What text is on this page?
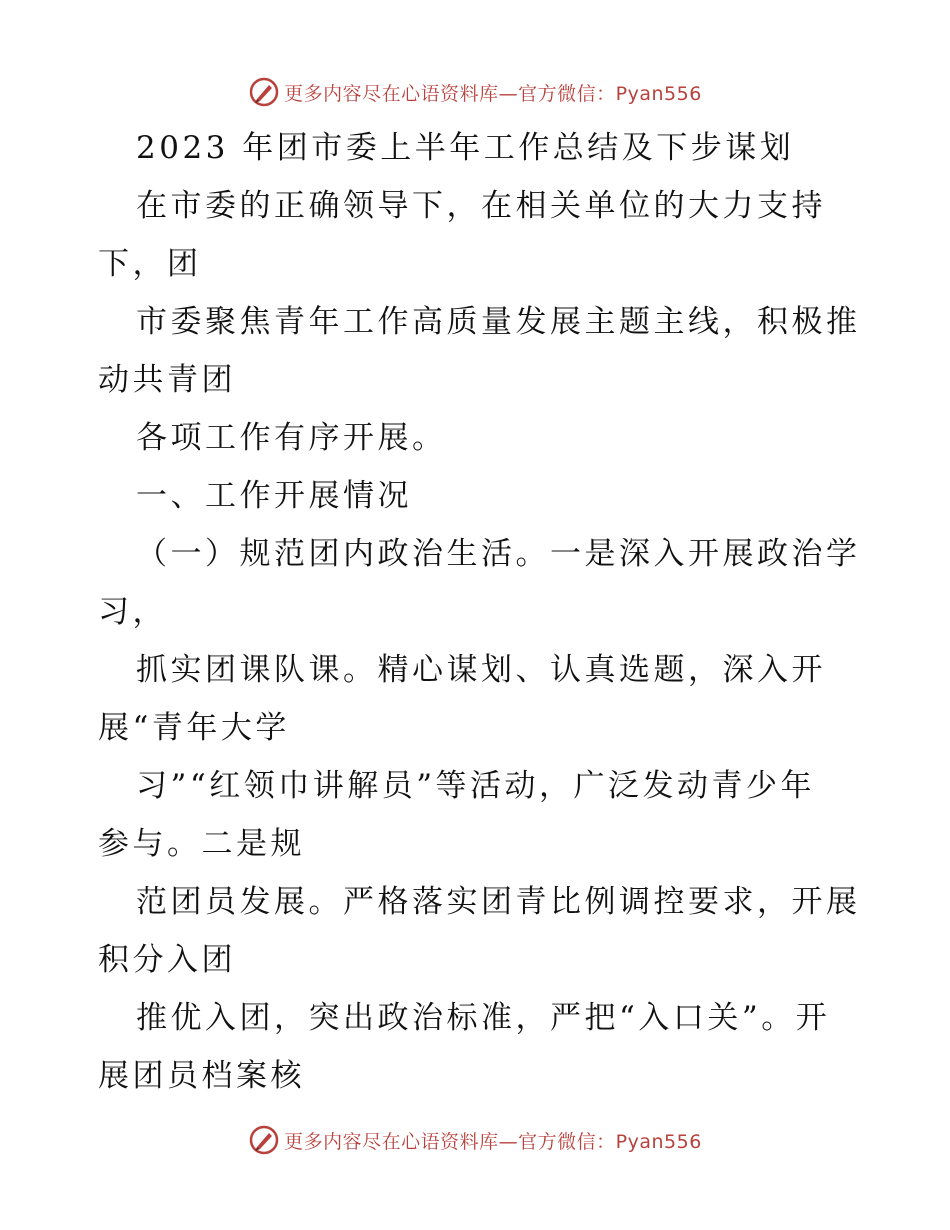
更多内容尽在心语资料库—官方微信：Pyan556
2023 年团市委上半年工作总结及下步谋划
在市委的正确领导下，在相关单位的大力支持
下，团
市委聚焦青年工作高质量发展主题主线，积极推
动共青团
各项工作有序开展。
一、工作开展情况
（一）规范团内政治生活。一是深入开展政治学
习，
抓实团课队课。精心谋划、认真选题，深入开
展“青年大学
习”“红领巾讲解员”等活动，广泛发动青少年
参与。二是规
范团员发展。严格落实团青比例调控要求，开展
积分入团
推优入团，突出政治标准，严把“入口关”。开
展团员档案核
更多内容尽在心语资料库—官方微信：Pyan556
